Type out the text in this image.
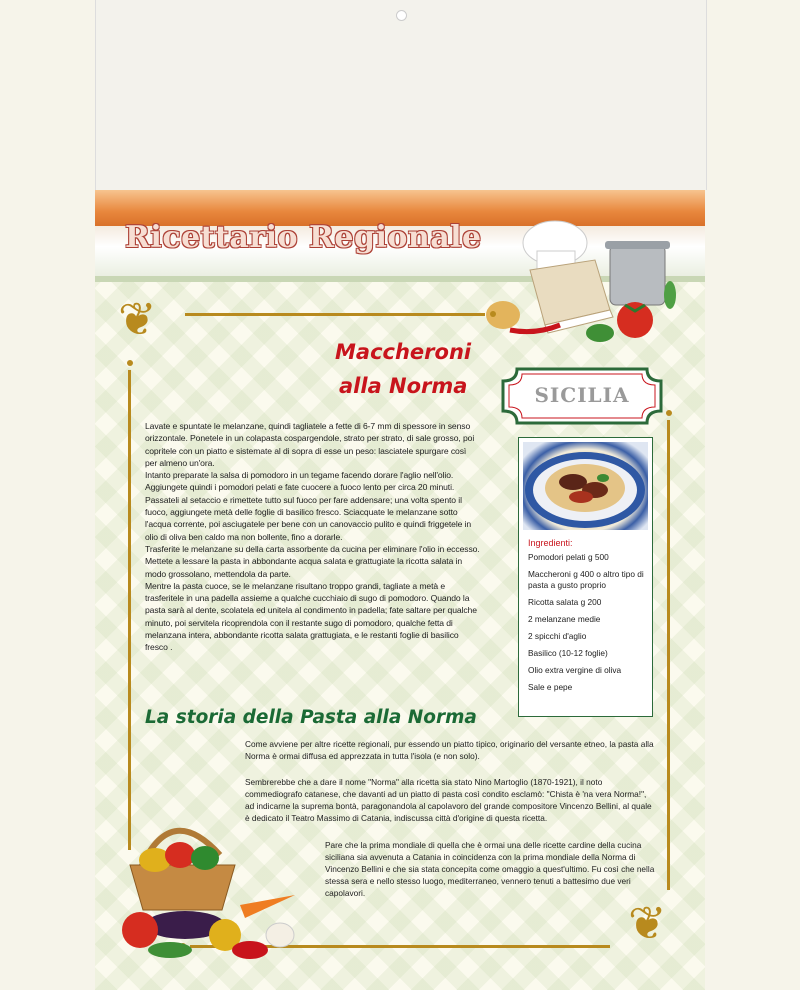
Ricettario Regionale
❦
❦
Maccheroni
alla Norma	SICILIA

Lavate e spuntate le melanzane, quindi tagliatele a fette di 6-7 mm di spessore in senso orizzontale. Ponetele in un colapasta cospargendole, strato per strato, di sale grosso, poi copritele con un piatto e sistemate al di sopra di esse un peso: lasciatele spurgare così per almeno un'ora.

Intanto preparate la salsa di pomodoro in un tegame facendo dorare l'aglio nell'olio. Aggiungete quindi i pomodori pelati e fate cuocere a fuoco lento per circa 20 minuti. Passateli al setaccio e rimettete tutto sul fuoco per fare addensare; una volta spento il fuoco, aggiungete metà delle foglie di basilico fresco. Sciacquate le melanzane sotto l'acqua corrente, poi asciugatele per bene con un canovaccio pulito e quindi friggetele in olio di oliva ben caldo ma non bollente, fino a dorarle.

Trasferite le melanzane su della carta assorbente da cucina per eliminare l'olio in eccesso.

Mettete a lessare la pasta in abbondante acqua salata e grattugiate la ricotta salata in modo grossolano, mettendola da parte.

Mentre la pasta cuoce, se le melanzane risultano troppo grandi, tagliate a metà e trasferitele in una padella assieme a qualche cucchiaio di sugo di pomodoro. Quando la pasta sarà al dente, scolatela ed unitela al condimento in padella; fate saltare per qualche minuto, poi servitela ricoprendola con il restante sugo di pomodoro, qualche fetta di melanzana intera, abbondante ricotta salata grattugiata, e le restanti foglie di basilico fresco .

Ingredienti:
Pomodori pelati g 500
Maccheroni g 400 o altro tipo di pasta a gusto proprio
Ricotta salata g 200
2 melanzane medie
2 spicchi d'aglio
Basilico (10-12 foglie)
Olio extra vergine di oliva
Sale e pepe
La storia della Pasta alla Norma
Come avviene per altre ricette regionali, pur essendo un piatto tipico, originario del versante etneo, la pasta alla Norma è ormai diffusa ed apprezzata in tutta l'isola (e non solo).
Sembrerebbe che a dare il nome "Norma" alla ricetta sia stato Nino Martoglio (1870-1921), il noto commediografo catanese, che davanti ad un piatto di pasta così condito esclamò: "Chista è 'na vera Norma!", ad indicarne la suprema bontà, paragonandola al capolavoro del grande compositore Vincenzo Bellini, al quale è dedicato il Teatro Massimo di Catania, indiscussa città d'origine di questa ricetta.
Pare che la prima mondiale di quella che è ormai una delle ricette cardine della cucina siciliana sia avvenuta a Catania in coincidenza con la prima mondiale della Norma di Vincenzo Bellini e che sia stata concepita come omaggio a quest'ultimo. Fu così che nella stessa sera e nello stesso luogo, mediterraneo, vennero tenuti a battesimo due veri capolavori.
